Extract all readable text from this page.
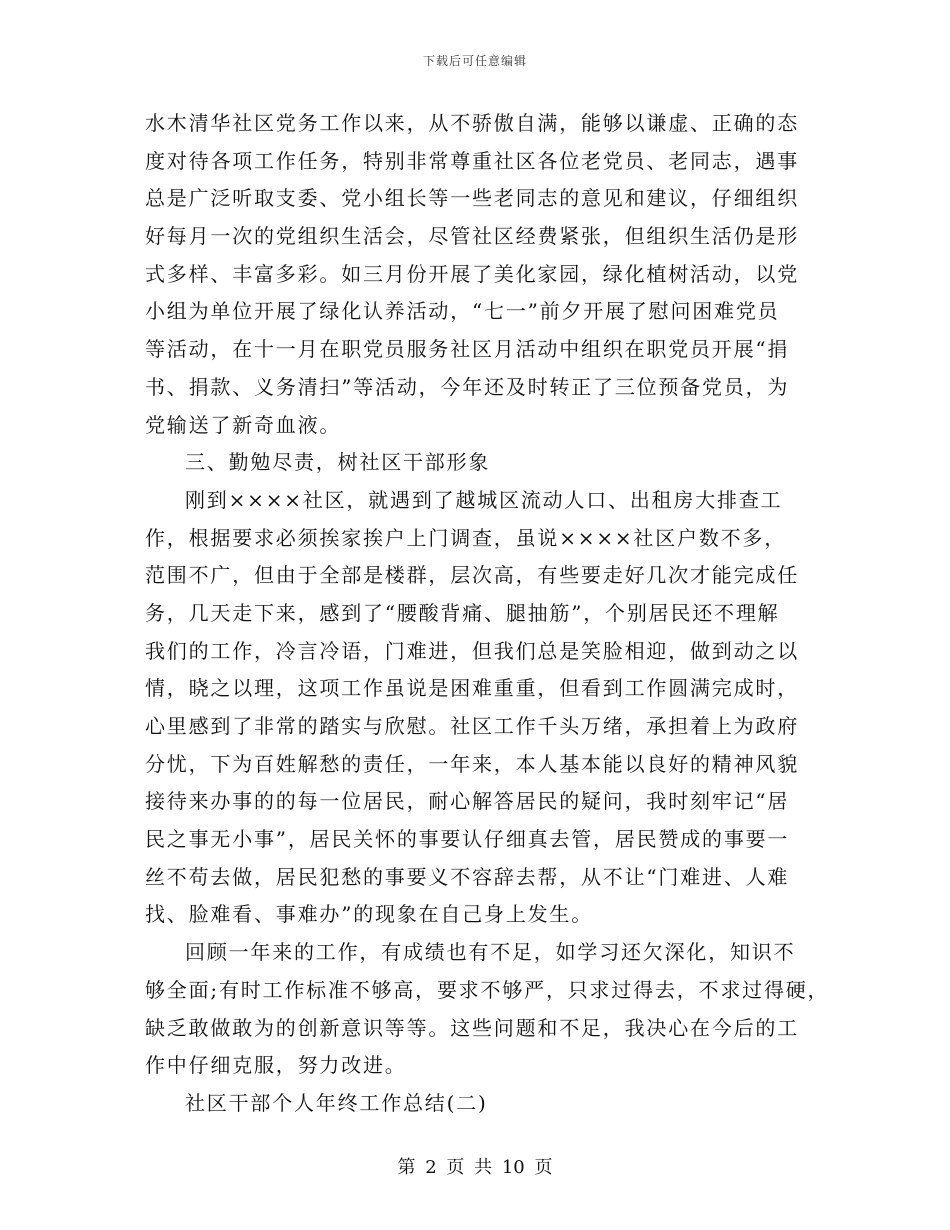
下载后可任意编辑
水木清华社区党务工作以来，从不骄傲自满，能够以谦虚、正确的态
度对待各项工作任务，特别非常尊重社区各位老党员、老同志，遇事
总是广泛听取支委、党小组长等一些老同志的意见和建议，仔细组织
好每月一次的党组织生活会，尽管社区经费紧张，但组织生活仍是形
式多样、丰富多彩。如三月份开展了美化家园，绿化植树活动，以党
小组为单位开展了绿化认养活动，“七一”前夕开展了慰问困难党员
等活动，在十一月在职党员服务社区月活动中组织在职党员开展“捐
书、捐款、义务清扫”等活动，今年还及时转正了三位预备党员，为
党输送了新奇血液。
三、勤勉尽责，树社区干部形象
刚到××××社区，就遇到了越城区流动人口、出租房大排查工
作，根据要求必须挨家挨户上门调查，虽说××××社区户数不多，
范围不广，但由于全部是楼群，层次高，有些要走好几次才能完成任
务，几天走下来，感到了“腰酸背痛、腿抽筋”，个别居民还不理解
我们的工作，冷言冷语，门难进，但我们总是笑脸相迎，做到动之以
情，晓之以理，这项工作虽说是困难重重，但看到工作圆满完成时，
心里感到了非常的踏实与欣慰。社区工作千头万绪，承担着上为政府
分忧，下为百姓解愁的责任，一年来，本人基本能以良好的精神风貌
接待来办事的的每一位居民，耐心解答居民的疑问，我时刻牢记“居
民之事无小事”，居民关怀的事要认仔细真去管，居民赞成的事要一
丝不苟去做，居民犯愁的事要义不容辞去帮，从不让“门难进、人难
找、脸难看、事难办”的现象在自己身上发生。
回顾一年来的工作，有成绩也有不足，如学习还欠深化，知识不
够全面;有时工作标准不够高，要求不够严，只求过得去，不求过得硬，
缺乏敢做敢为的创新意识等等。这些问题和不足，我决心在今后的工
作中仔细克服，努力改进。
社区干部个人年终工作总结(二)
第 2 页 共 10 页
